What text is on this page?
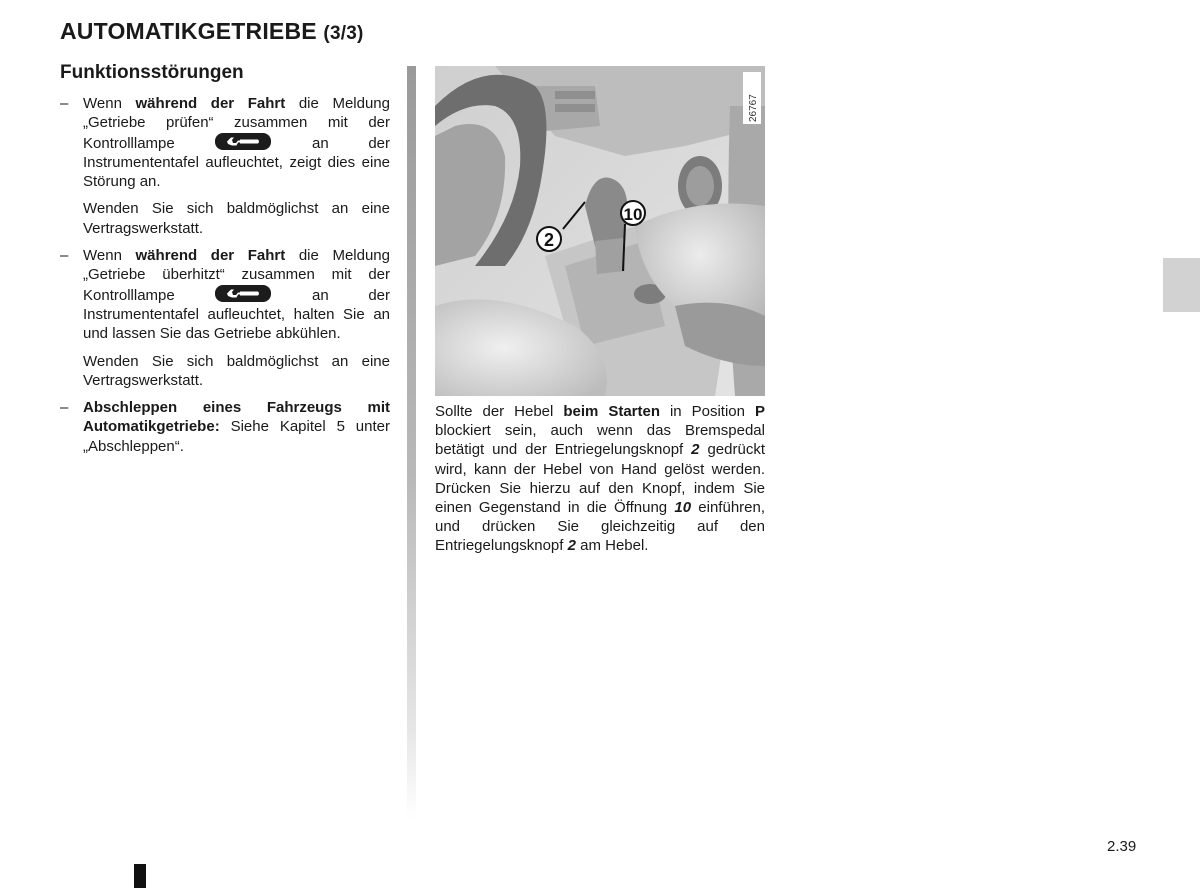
AUTOMATIKGETRIEBE (3/3)
Funktionsstörungen
– Wenn während der Fahrt die Meldung „Getriebe prüfen“ zusammen mit der Kontrolllampe	an der Instrumententafel aufleuchtet, zeigt dies eine Störung an.

Wenden Sie sich baldmöglichst an eine Vertragswerkstatt.

– Wenn während der Fahrt die Meldung „Getriebe überhitzt“ zusammen mit der Kontrolllampe	an der Instrumententafel aufleuchtet, halten Sie an und lassen Sie das Getriebe abkühlen.

Wenden Sie sich baldmöglichst an eine Vertragswerkstatt.

– Abschleppen eines Fahrzeugs mit Automatikgetriebe: Siehe Kapitel 5 unter „Abschleppen“.

26767
2
10

Sollte der Hebel beim Starten in Position P blockiert sein, auch wenn das Bremspedal betätigt und der Entriegelungsknopf 2 gedrückt wird, kann der Hebel von Hand gelöst werden. Drücken Sie hierzu auf den Knopf, indem Sie einen Gegenstand in die Öffnung 10 einführen, und drücken Sie gleichzeitig auf den Entriegelungsknopf 2 am Hebel.

2.39
